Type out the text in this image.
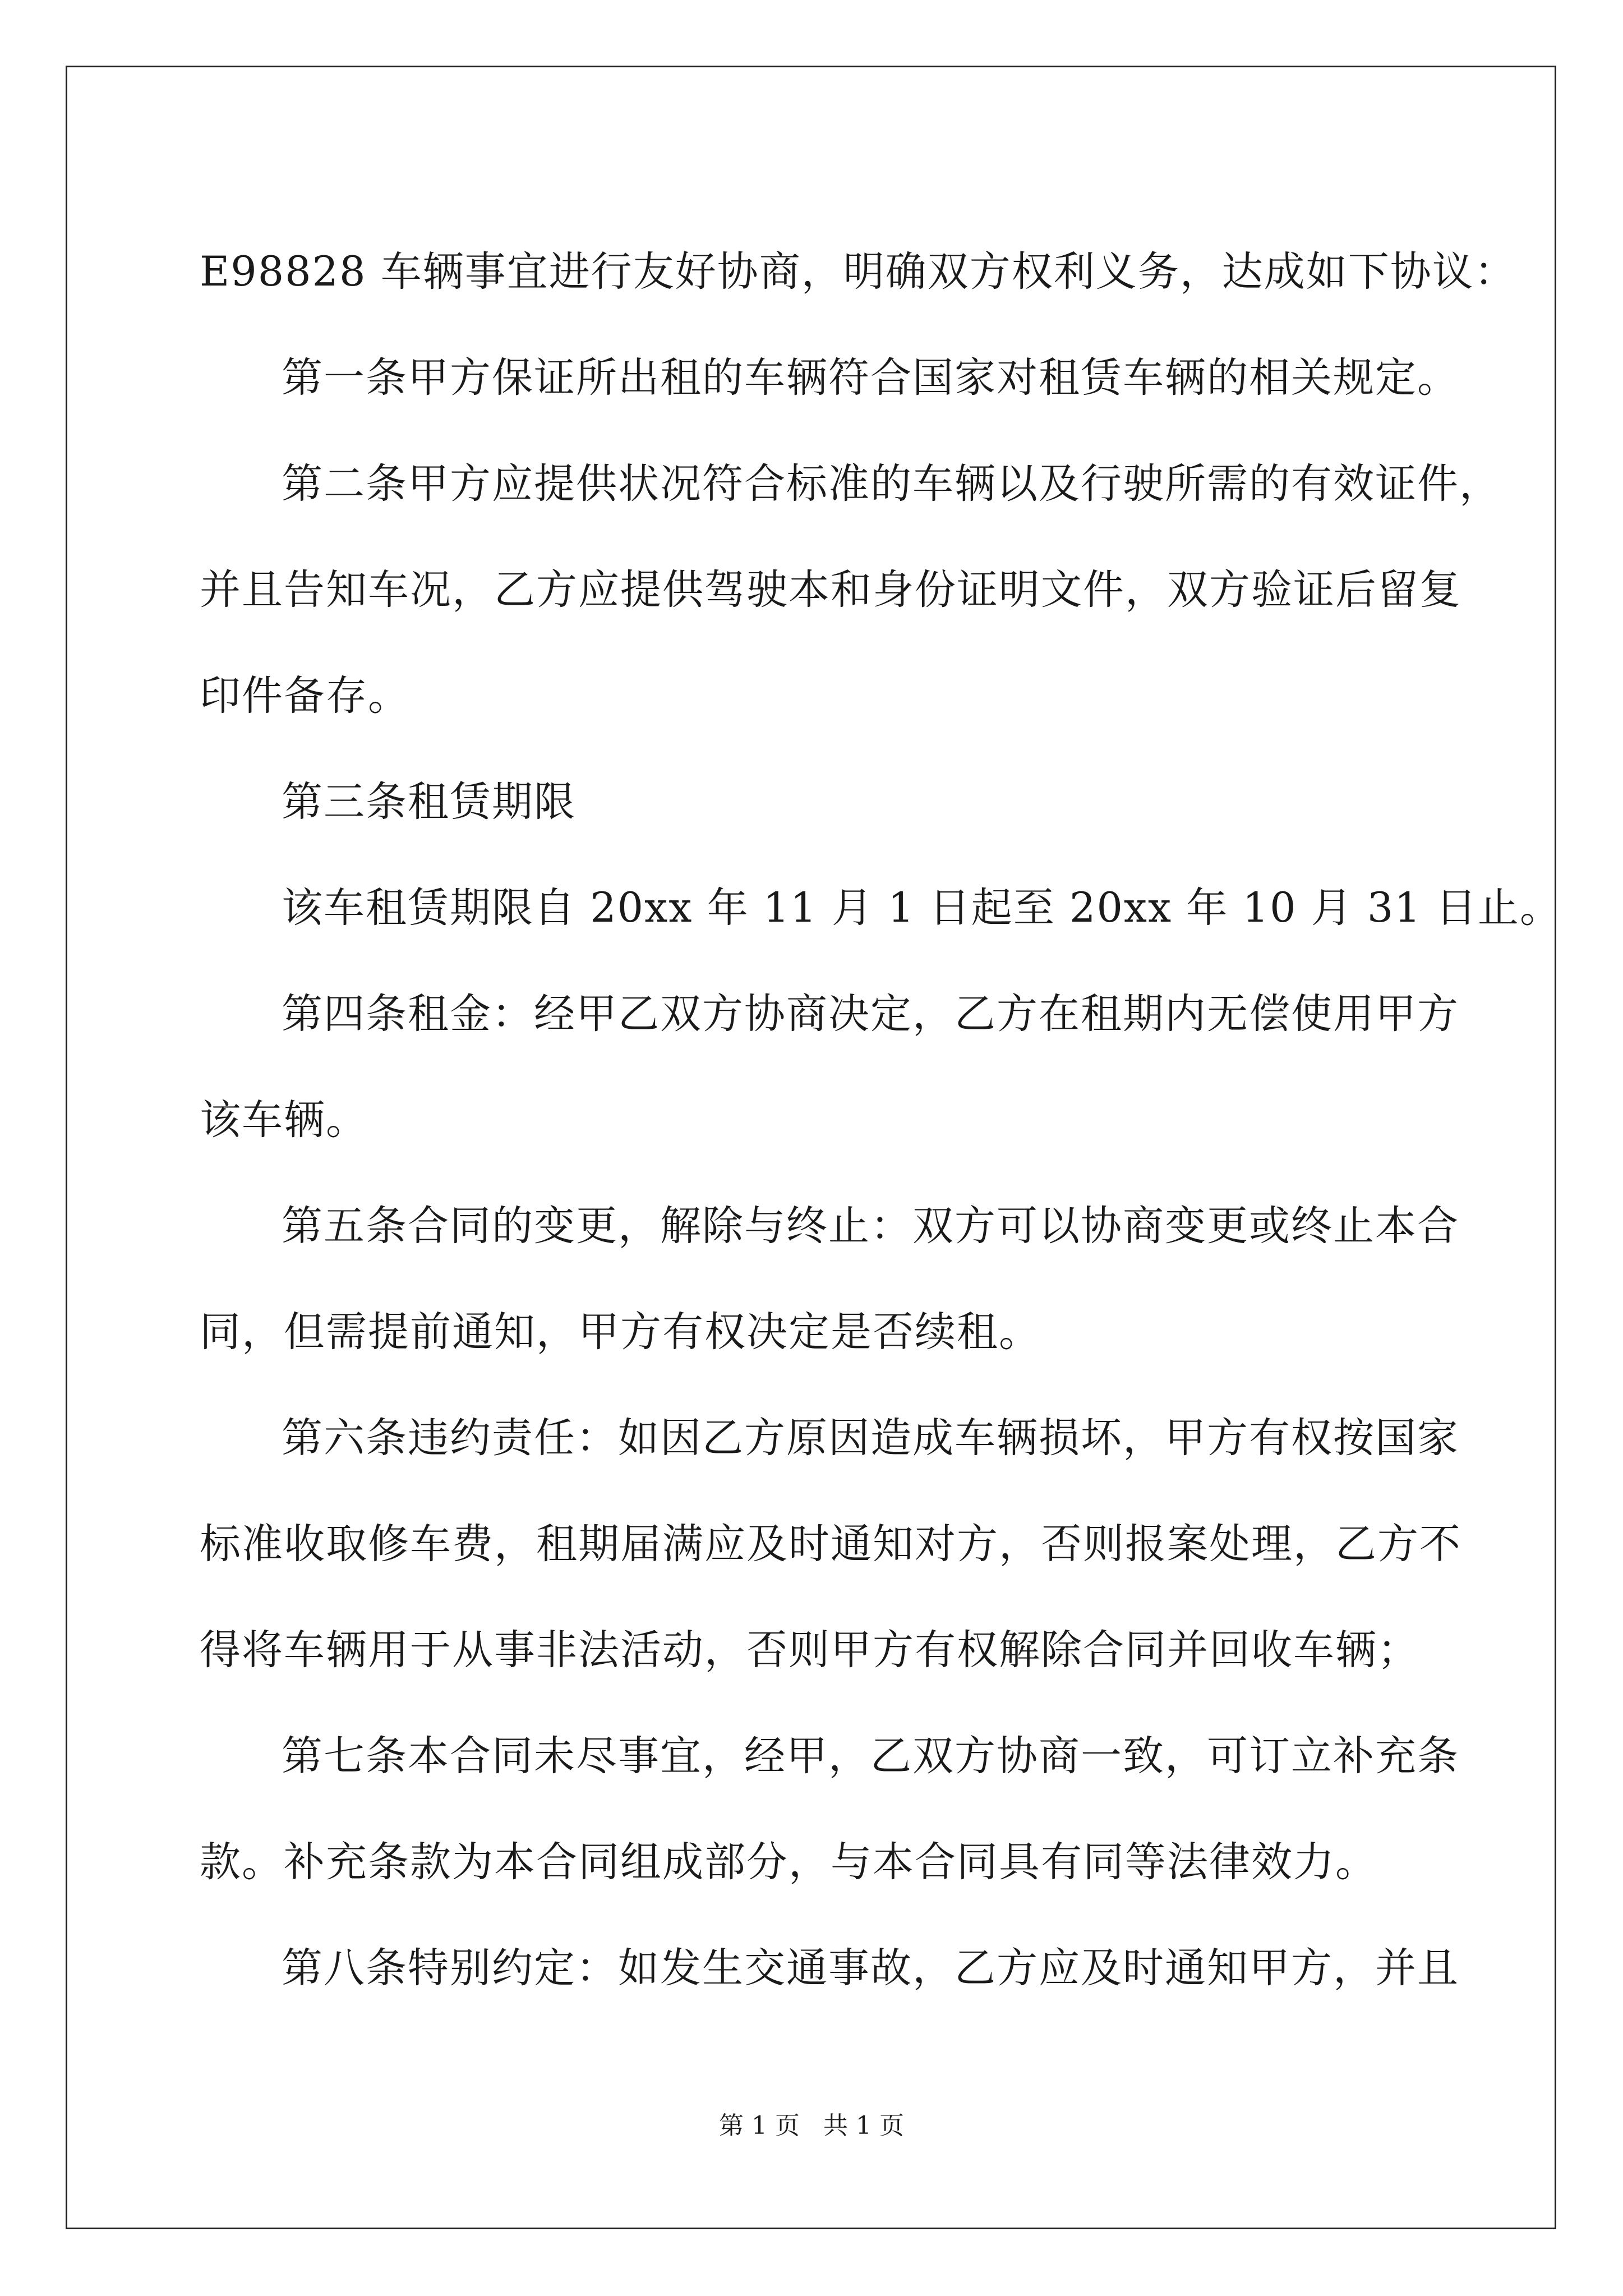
E98828 车辆事宜进行友好协商，明确双方权利义务，达成如下协议：

第一条甲方保证所出租的车辆符合国家对租赁车辆的相关规定。

第二条甲方应提供状况符合标准的车辆以及行驶所需的有效证件，

并且告知车况，乙方应提供驾驶本和身份证明文件，双方验证后留复

印件备存。

第三条租赁期限

该车租赁期限自 20xx 年 11 月 1 日起至 20xx 年 10 月 31 日止。

第四条租金：经甲乙双方协商决定，乙方在租期内无偿使用甲方

该车辆。

第五条合同的变更，解除与终止：双方可以协商变更或终止本合

同，但需提前通知，甲方有权决定是否续租。

第六条违约责任：如因乙方原因造成车辆损坏，甲方有权按国家

标准收取修车费，租期届满应及时通知对方，否则报案处理，乙方不

得将车辆用于从事非法活动，否则甲方有权解除合同并回收车辆；

第七条本合同未尽事宜，经甲，乙双方协商一致，可订立补充条

款。补充条款为本合同组成部分，与本合同具有同等法律效力。

第八条特别约定：如发生交通事故，乙方应及时通知甲方，并且

第 1 页   共 1 页
